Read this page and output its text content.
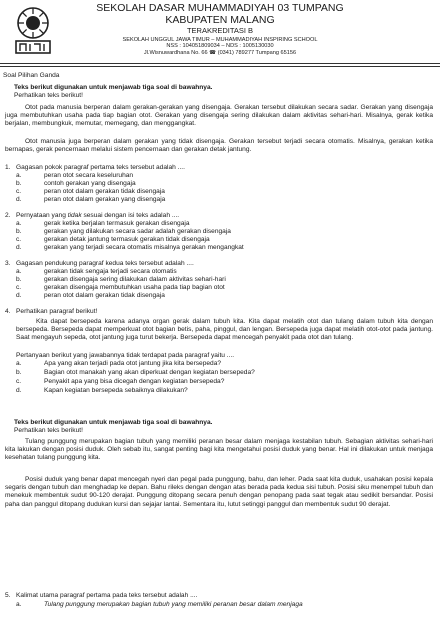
SEKOLAH DASAR MUHAMMADIYAH 03 TUMPANG
KABUPATEN MALANG
TERAKREDITASI B
SEKOLAH UNGGUL JAWA TIMUR – MUHAMMADIYAH INSPIRING SCHOOL
NSS : 104051809034 – NDS : 1005130030
Jl.Wisnuwardhana No. 66 ☎ (0341) 789277 Tumpang 65156
Soal Pilihan Ganda
Teks berikut digunakan untuk menjawab tiga soal di bawahnya.
Perhatikan teks berikut!
Otot pada manusia berperan dalam gerakan-gerakan yang disengaja. Gerakan tersebut dilakukan secara sadar. Gerakan yang disengaja juga membutuhkan usaha pada tiap bagian otot. Gerakan yang disengaja sering dilakukan dalam aktivitas sehari-hari. Misalnya, gerak ketika berjalan, membungkuk, memutar, memegang, dan menggangkat.
Otot manusia juga berperan dalam gerakan yang tidak disengaja. Gerakan tersebut terjadi secara otomatis. Misalnya, gerakan ketika bernapas, gerak pencernaan melalui sistem pencernaan dan gerakan detak jantung.
1. Gagasan pokok paragraf pertama teks tersebut adalah ....
a.	peran otot secara keseluruhan
b.	contoh gerakan yang disengaja
c.	peran otot dalam gerakan tidak disengaja
d.	peran otot dalam gerakan yang disengaja
2. Pernyataan yang tidak sesuai dengan isi teks adalah ....
a.	gerak ketika berjalan termasuk gerakan disengaja
b.	gerakan yang dilakukan secara sadar adalah gerakan disengaja
c.	gerakan detak jantung termasuk gerakan tidak disengaja
d.	gerakan yang terjadi secara otomatis misalnya gerakan mengangkat
3. Gagasan pendukung paragraf kedua teks tersebut adalah ....
a.	gerakan tidak sengaja terjadi secara otomatis
b.	gerakan disengaja sering dilakukan dalam aktivitas sehari-hari
c.	gerakan disengaja membutuhkan usaha pada tiap bagian otot
d.	peran otot dalam gerakan tidak disengaja
4. Perhatikan paragraf berikut!
Kita dapat bersepeda karena adanya organ gerak dalam tubuh kita. Kita dapat melatih otot dan tulang dalam tubuh kita dengan bersepeda. Bersepeda dapat memperkuat otot bagian betis, paha, pinggul, dan lengan. Bersepeda juga dapat melatih otot-otot pada jantung. Saat mengayuh sepeda, otot jantung juga turut bekerja. Bersepeda dapat mencegah penyakit pada otot dan tulang.
Pertanyaan berikut yang jawabannya tidak terdapat pada paragraf yaitu ....
a.	Apa yang akan terjadi pada otot jantung jika kita bersepeda?
b.	Bagian otot manakah yang akan diperkuat dengan kegiatan bersepeda?
c.	Penyakit apa yang bisa dicegah dengan kegiatan bersepeda?
d.	Kapan kegiatan bersepeda sebaiknya dilakukan?
Teks berikut digunakan untuk menjawab tiga soal di bawahnya.
Perhatikan teks berikut!
Tulang punggung merupakan bagian tubuh yang memiliki peranan besar dalam menjaga kestabilan tubuh. Sebagian aktivitas sehari-hari kita lakukan dengan posisi duduk. Oleh sebab itu, sangat penting bagi kita mengetahui posisi duduk yang benar. Hal ini dilakukan untuk menjaga kesehatan tulang punggung kita.
Posisi duduk yang benar dapat mencegah nyeri dan pegal pada punggung, bahu, dan leher. Pada saat kita duduk, usahakan posisi kepala segaris dengan tubuh dan menghadap ke depan. Bahu rileks dengan dengan atas berada pada kedua sisi tubuh. Posisi siku menempel tubuh dan menekuk membentuk sudut 90-120 derajat. Punggung ditopang secara penuh dengan penopang pada saat tegak atau sedikit bersandar. Posisi paha dan panggul ditopang dudukan kursi dan sejajar lantai. Sementara itu, lutut setinggi panggul dan membentuk sudut 90 derajat.
5. Kalimat utama paragraf pertama pada teks tersebut adalah ....
a.	Tulang punggung merupakan bagian tubuh yang memiliki peranan besar dalam menjaga
